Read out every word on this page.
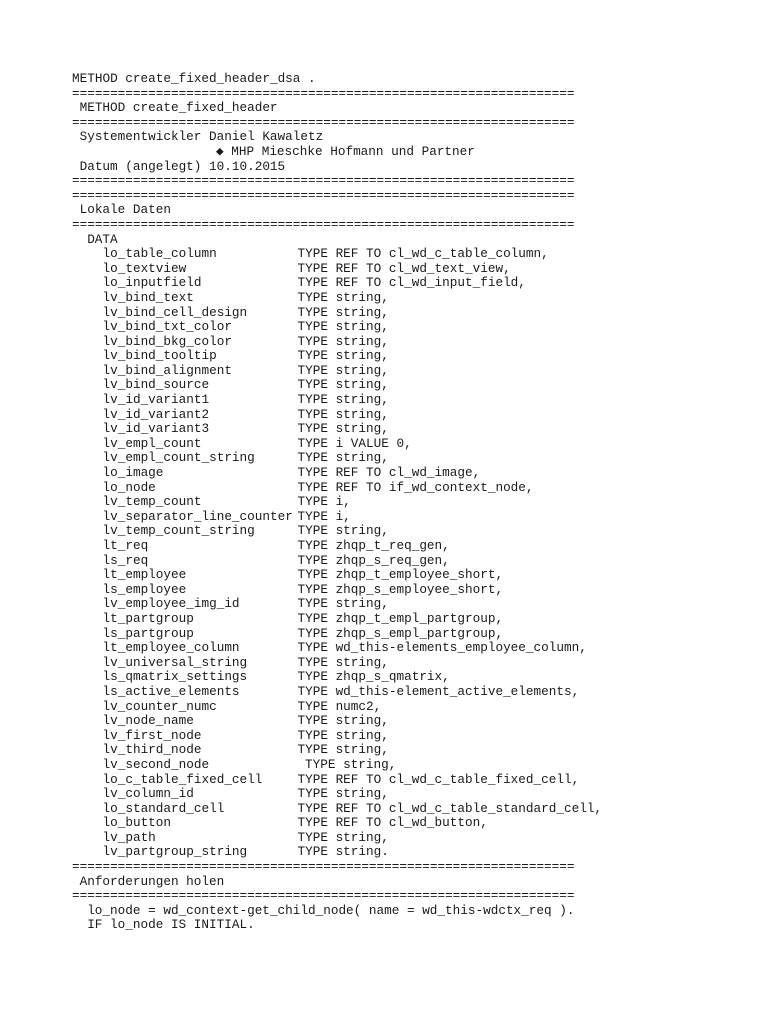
METHOD create_fixed_header_dsa .
==================================================================
METHOD create_fixed_header
==================================================================
Systementwickler Daniel Kawaletz
◆ MHP Mieschke Hofmann und Partner
Datum (angelegt) 10.10.2015
==================================================================
==================================================================
Lokale Daten
==================================================================
DATA
lo_table_column	TYPE REF TO cl_wd_c_table_column,
lo_textview	TYPE REF TO cl_wd_text_view,
lo_inputfield	TYPE REF TO cl_wd_input_field,
lv_bind_text	TYPE string,
lv_bind_cell_design	TYPE string,
lv_bind_txt_color	TYPE string,
lv_bind_bkg_color	TYPE string,
lv_bind_tooltip	TYPE string,
lv_bind_alignment	TYPE string,
lv_bind_source	TYPE string,
lv_id_variant1	TYPE string,
lv_id_variant2	TYPE string,
lv_id_variant3	TYPE string,
lv_empl_count	TYPE i VALUE 0,
lv_empl_count_string	TYPE string,
lo_image	TYPE REF TO cl_wd_image,
lo_node	TYPE REF TO if_wd_context_node,
lv_temp_count	TYPE i,
lv_separator_line_counter TYPE i,
lv_temp_count_string	TYPE string,
lt_req	TYPE zhqp_t_req_gen,
ls_req	TYPE zhqp_s_req_gen,
lt_employee	TYPE zhqp_t_employee_short,
ls_employee	TYPE zhqp_s_employee_short,
lv_employee_img_id	TYPE string,
lt_partgroup	TYPE zhqp_t_empl_partgroup,
ls_partgroup	TYPE zhqp_s_empl_partgroup,
lt_employee_column	TYPE wd_this-elements_employee_column,
lv_universal_string	TYPE string,
ls_qmatrix_settings	TYPE zhqp_s_qmatrix,
ls_active_elements	TYPE wd_this-element_active_elements,
lv_counter_numc	TYPE numc2,
lv_node_name	TYPE string,
lv_first_node	TYPE string,
lv_third_node	TYPE string,
lv_second_node	TYPE string,
lo_c_table_fixed_cell	TYPE REF TO cl_wd_c_table_fixed_cell,
lv_column_id	TYPE string,
lo_standard_cell	TYPE REF TO cl_wd_c_table_standard_cell,
lo_button	TYPE REF TO cl_wd_button,
lv_path	TYPE string,
lv_partgroup_string	TYPE string.
==================================================================
Anforderungen holen
==================================================================
lo_node = wd_context-get_child_node( name = wd_this-wdctx_req ).
IF lo_node IS INITIAL.
